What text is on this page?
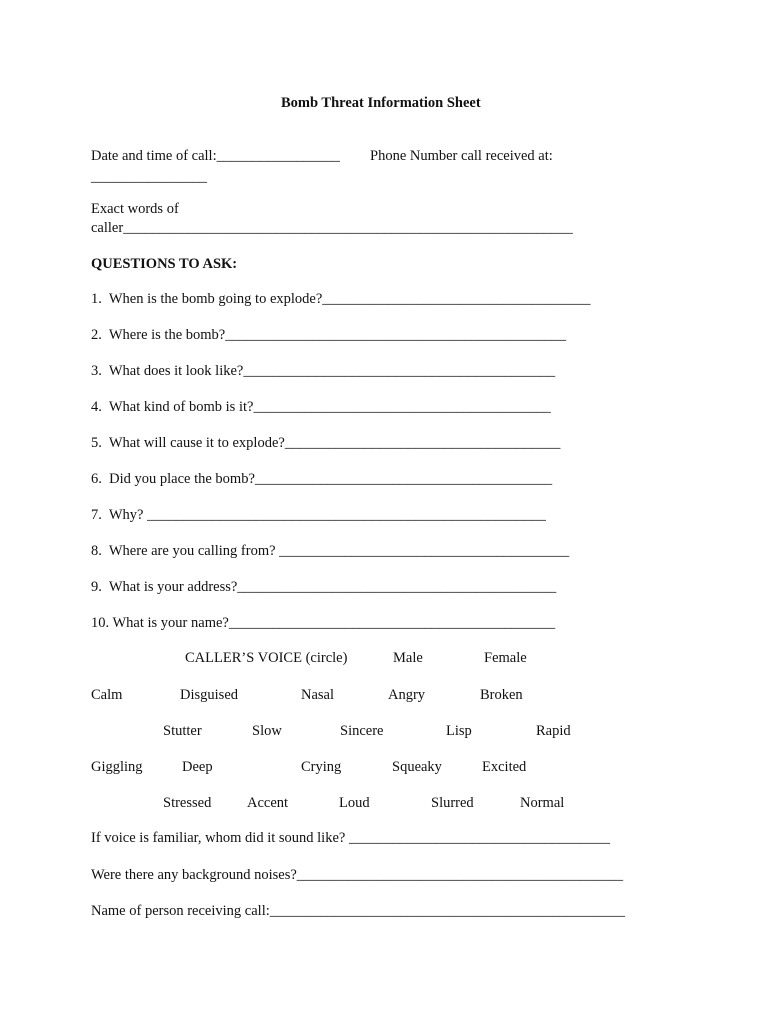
Bomb Threat Information Sheet
Date and time of call:_________________ Phone Number call received at:
________________
Exact words of
caller______________________________________________________________
QUESTIONS TO ASK:
1.  When is the bomb going to explode?_____________________________________
2.  Where is the bomb?_______________________________________________
3.  What does it look like?___________________________________________
4.  What kind of bomb is it?_________________________________________
5.  What will cause it to explode?______________________________________
6.  Did you place the bomb?_________________________________________
7.  Why? _______________________________________________________
8.  Where are you calling from? ________________________________________
9.  What is your address?____________________________________________
10. What is your name?_____________________________________________
CALLER’S VOICE (circle)	Male	Female
Calm	Disguised	Nasal	Angry	Broken
Stutter	Slow	Sincere	Lisp	Rapid
Giggling	Deep	Crying	Squeaky	Excited
Stressed Accent	Loud	Slurred	Normal
If voice is familiar, whom did it sound like? ____________________________________
Were there any background noises?_____________________________________________
Name of person receiving call:_________________________________________________
